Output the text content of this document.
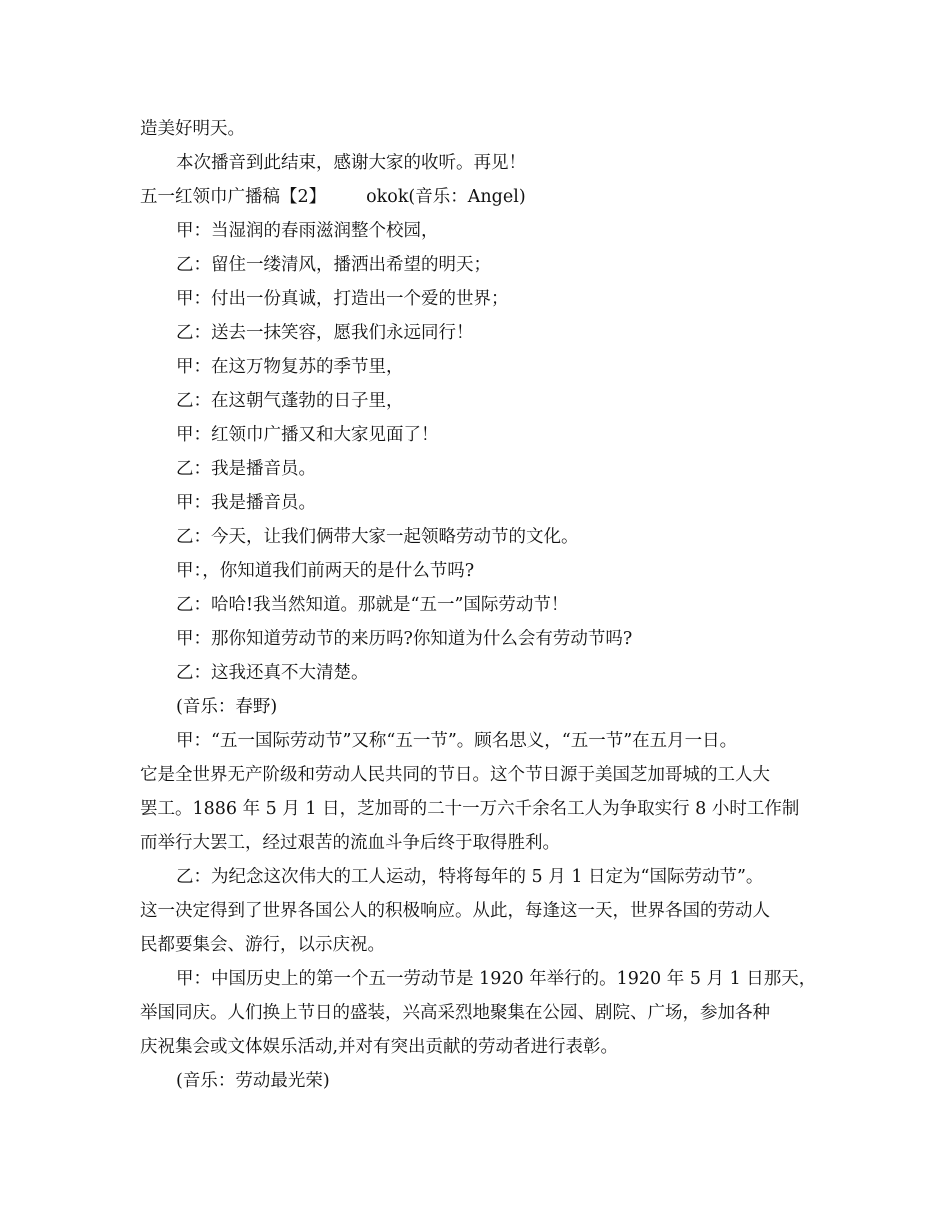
造美好明天。
本次播音到此结束，感谢大家的收听。再见！
五一红领巾广播稿【2】 okok(音乐：Angel)
甲：当湿润的春雨滋润整个校园，
乙：留住一缕清风，播洒出希望的明天；
甲：付出一份真诚，打造出一个爱的世界；
乙：送去一抹笑容，愿我们永远同行！
甲：在这万物复苏的季节里，
乙：在这朝气蓬勃的日子里，
甲：红领巾广播又和大家见面了！
乙：我是播音员。
甲：我是播音员。
乙：今天，让我们俩带大家一起领略劳动节的文化。
甲：，你知道我们前两天的是什么节吗?
乙：哈哈!我当然知道。那就是“五一”国际劳动节！
甲：那你知道劳动节的来历吗?你知道为什么会有劳动节吗?
乙：这我还真不大清楚。
(音乐：春野)
甲：“五一国际劳动节”又称“五一节”。顾名思义，“五一节”在五月一日。
它是全世界无产阶级和劳动人民共同的节日。这个节日源于美国芝加哥城的工人大
罢工。1886 年 5 月 1 日，芝加哥的二十一万六千余名工人为争取实行 8 小时工作制
而举行大罢工，经过艰苦的流血斗争后终于取得胜利。
乙：为纪念这次伟大的工人运动，特将每年的 5 月 1 日定为“国际劳动节”。
这一决定得到了世界各国公人的积极响应。从此，每逢这一天，世界各国的劳动人
民都要集会、游行，以示庆祝。
甲：中国历史上的第一个五一劳动节是 1920 年举行的。1920 年 5 月 1 日那天，
举国同庆。人们换上节日的盛装，兴高采烈地聚集在公园、剧院、广场，参加各种
庆祝集会或文体娱乐活动,并对有突出贡献的劳动者进行表彰。
(音乐：劳动最光荣)
